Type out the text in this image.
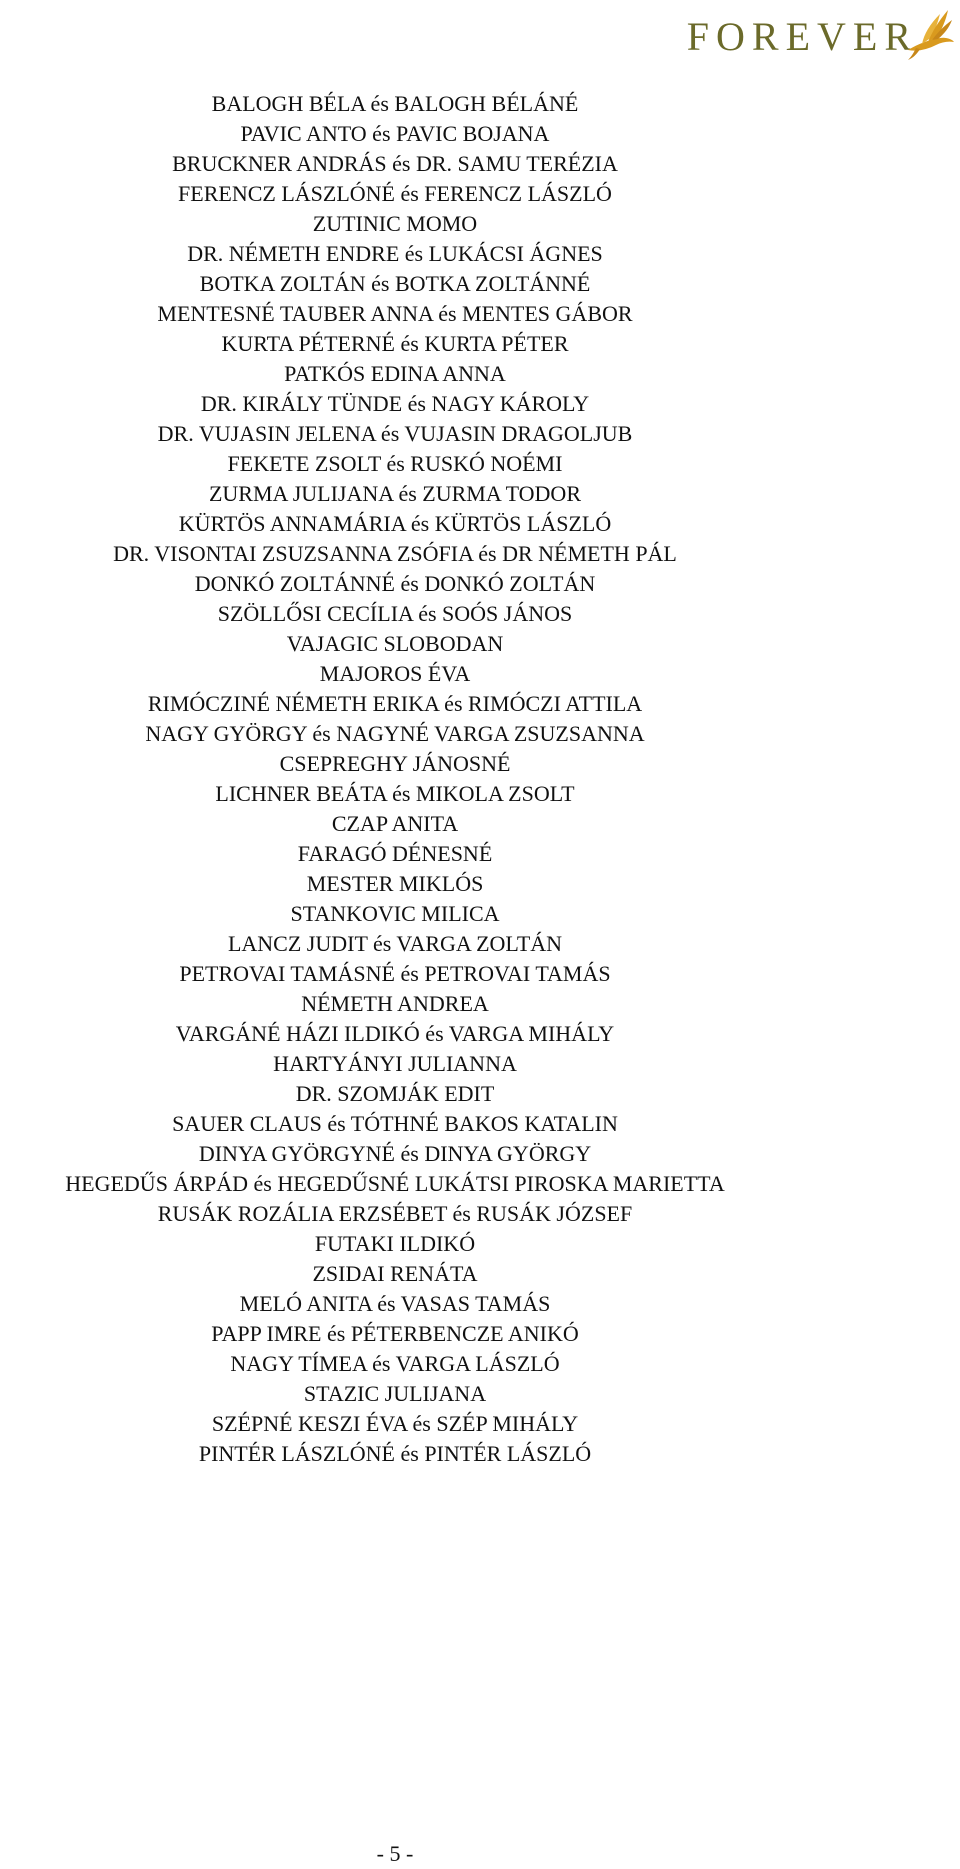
FOREVER
BALOGH BÉLA és BALOGH BÉLÁNÉ
PAVIC ANTO és PAVIC BOJANA
BRUCKNER ANDRÁS és DR. SAMU TERÉZIA
FERENCZ LÁSZLÓNÉ és FERENCZ LÁSZLÓ
ZUTINIC MOMO
DR. NÉMETH ENDRE és LUKÁCSI ÁGNES
BOTKA ZOLTÁN és BOTKA ZOLTÁNNÉ
MENTESNÉ TAUBER ANNA és MENTES GÁBOR
KURTA PÉTERNÉ és KURTA PÉTER
PATKÓS EDINA ANNA
DR. KIRÁLY TÜNDE és NAGY KÁROLY
DR. VUJASIN JELENA és VUJASIN DRAGOLJUB
FEKETE ZSOLT és RUSKÓ NOÉMI
ZURMA JULIJANA és ZURMA TODOR
KÜRTÖS ANNAMÁRIA és KÜRTÖS LÁSZLÓ
DR. VISONTAI ZSUZSANNA ZSÓFIA és DR NÉMETH PÁL
DONKÓ ZOLTÁNNÉ és DONKÓ ZOLTÁN
SZÖLLŐSI CECÍLIA és SOÓS JÁNOS
VAJAGIC SLOBODAN
MAJOROS ÉVA
RIMÓCZINÉ NÉMETH ERIKA és RIMÓCZI ATTILA
NAGY GYÖRGY és NAGYNÉ VARGA ZSUZSANNA
CSEPREGHY JÁNOSNÉ
LICHNER BEÁTA és MIKOLA ZSOLT
CZAP ANITA
FARAGÓ DÉNESNÉ
MESTER MIKLÓS
STANKOVIC MILICA
LANCZ JUDIT és VARGA ZOLTÁN
PETROVAI TAMÁSNÉ és PETROVAI TAMÁS
NÉMETH ANDREA
VARGÁNÉ HÁZI ILDIKÓ és VARGA MIHÁLY
HARTYÁNYI JULIANNA
DR. SZOMJÁK EDIT
SAUER CLAUS és TÓTHNÉ BAKOS KATALIN
DINYA GYÖRGYNÉ és DINYA GYÖRGY
HEGEDŰS ÁRPÁD és HEGEDŰSNÉ LUKÁTSI PIROSKA MARIETTA
RUSÁK ROZÁLIA ERZSÉBET és RUSÁK JÓZSEF
FUTAKI ILDIKÓ
ZSIDAI RENÁTA
MELÓ ANITA és VASAS TAMÁS
PAPP IMRE és PÉTERBENCZE ANIKÓ
NAGY TÍMEA és VARGA LÁSZLÓ
STAZIC JULIJANA
SZÉPNÉ KESZI ÉVA és SZÉP MIHÁLY
PINTÉR LÁSZLÓNÉ és PINTÉR LÁSZLÓ
- 5 -
